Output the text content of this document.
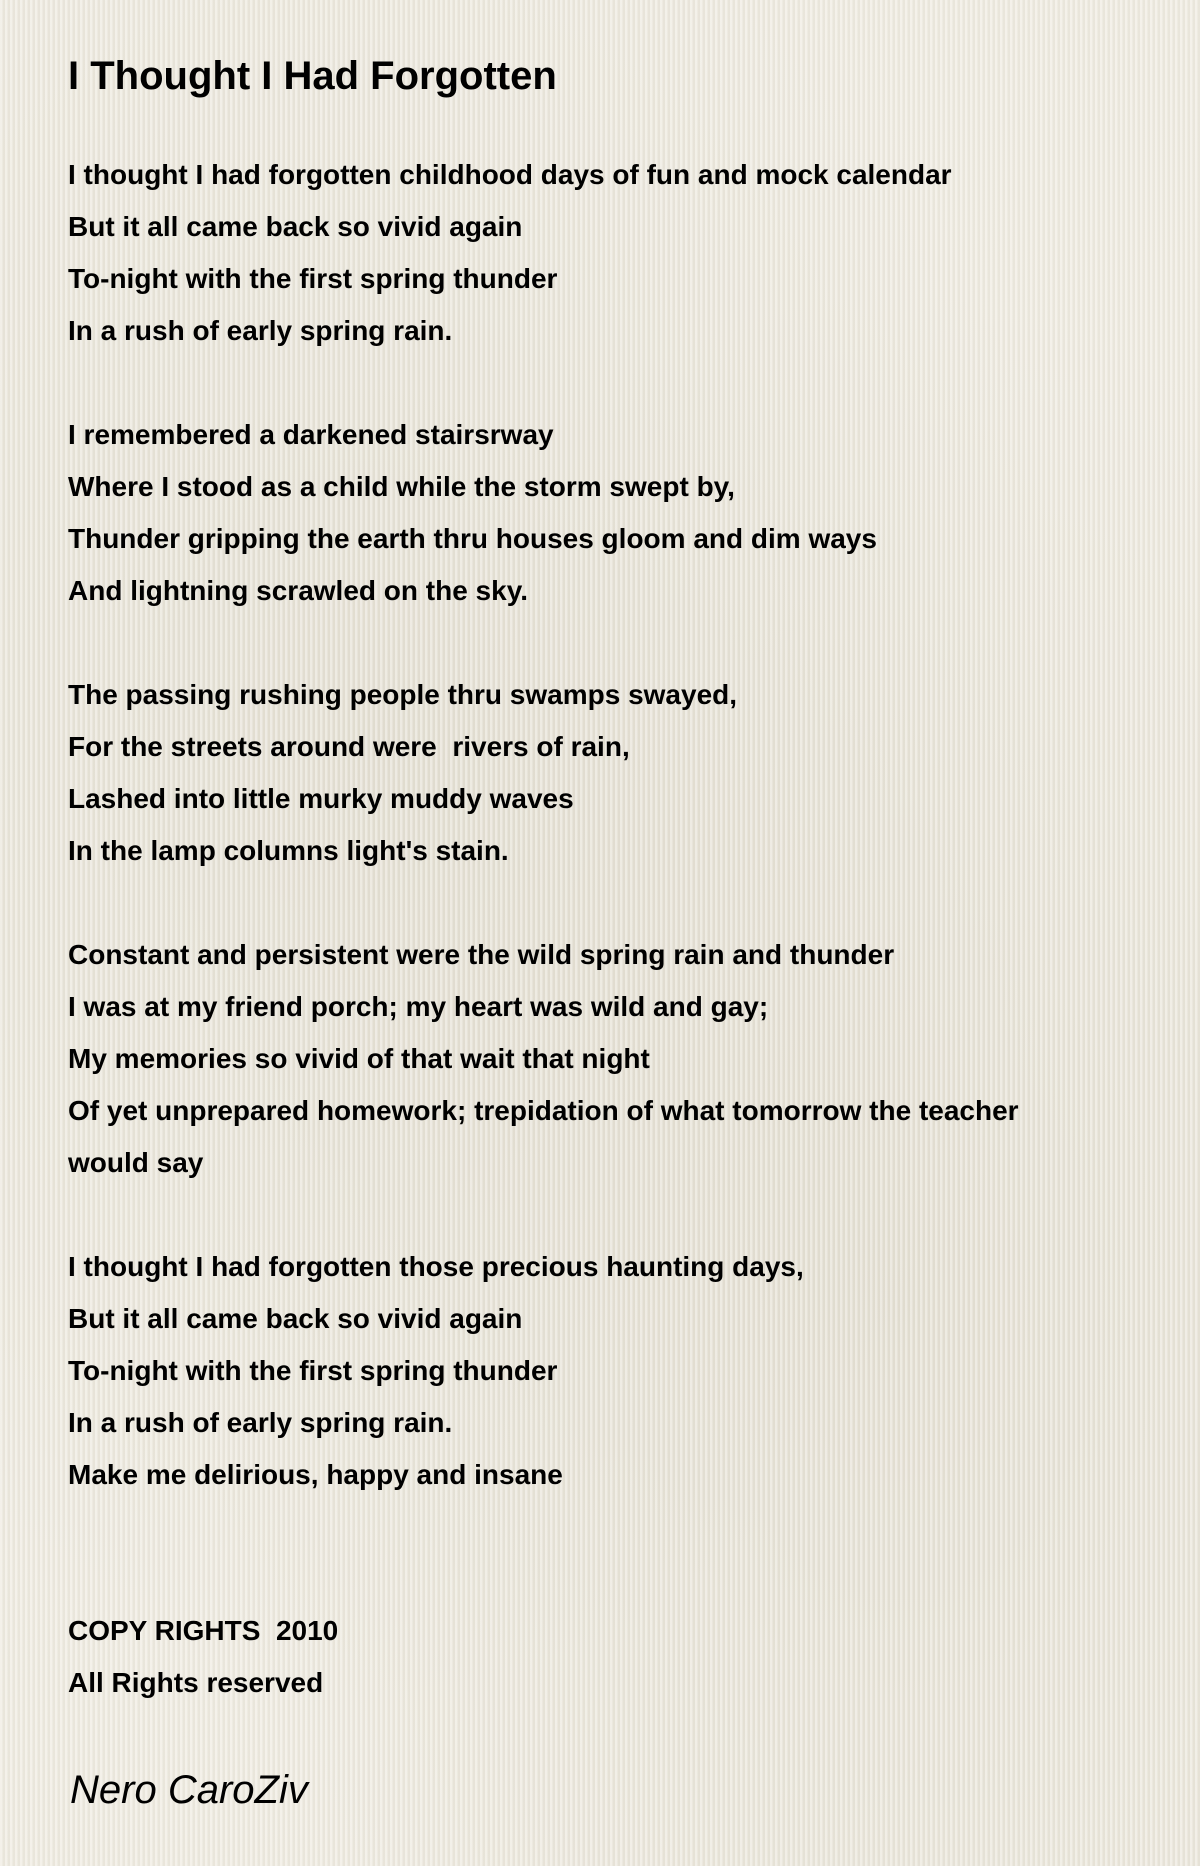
I Thought I Had Forgotten
I thought I had forgotten childhood days of fun and mock calendar
But it all came back so vivid again
To-night with the first spring thunder
In a rush of early spring rain.
I remembered a darkened stairsrway
Where I stood as a child while the storm swept by,
Thunder gripping the earth thru houses gloom and dim ways
And lightning scrawled on the sky.
The passing rushing people thru swamps swayed,
For the streets around were  rivers of rain,
Lashed into little murky muddy waves
In the lamp columns light's stain.
Constant and persistent were the wild spring rain and thunder
I was at my friend porch; my heart was wild and gay;
My memories so vivid of that wait that night
Of yet unprepared homework; trepidation of what tomorrow the teacher
would say
I thought I had forgotten those precious haunting days,
But it all came back so vivid again
To-night with the first spring thunder
In a rush of early spring rain.
Make me delirious, happy and insane
COPY RIGHTS  2010
All Rights reserved
Nero CaroZiv
